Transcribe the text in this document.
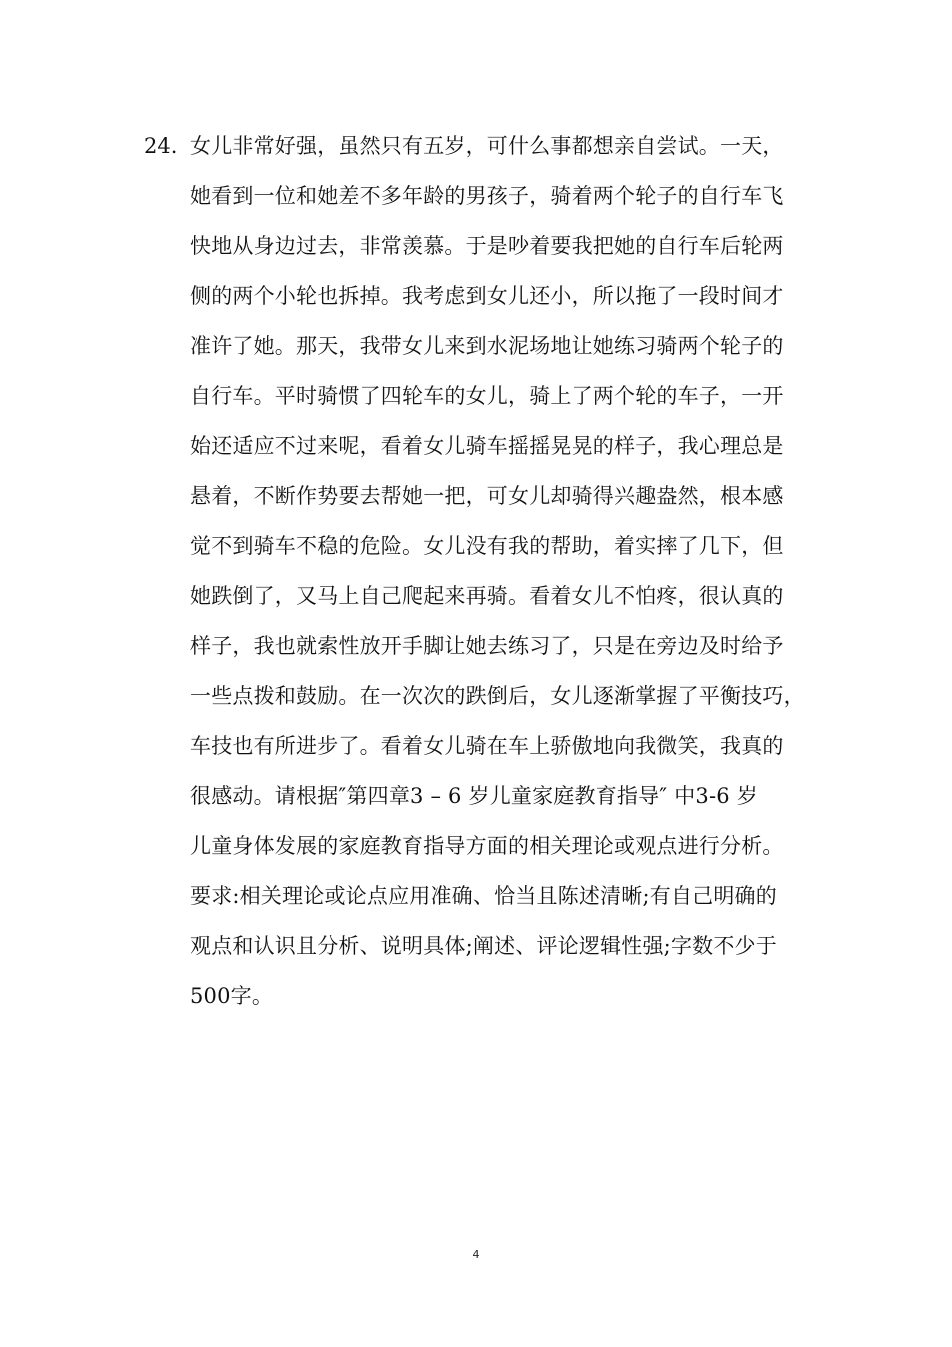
24. 女儿非常好强，虽然只有五岁，可什么事都想亲自尝试。一天，
她看到一位和她差不多年龄的男孩子，骑着两个轮子的自行车飞
快地从身边过去，非常羡慕。于是吵着要我把她的自行车后轮两
侧的两个小轮也拆掉。我考虑到女儿还小，所以拖了一段时间才
准许了她。那天，我带女儿来到水泥场地让她练习骑两个轮子的
自行车。平时骑惯了四轮车的女儿，骑上了两个轮的车子，一开
始还适应不过来呢，看着女儿骑车摇摇晃晃的样子，我心理总是
悬着，不断作势要去帮她一把，可女儿却骑得兴趣盎然，根本感
觉不到骑车不稳的危险。女儿没有我的帮助，着实摔了几下，但
她跌倒了，又马上自己爬起来再骑。看着女儿不怕疼，很认真的
样子，我也就索性放开手脚让她去练习了，只是在旁边及时给予
一些点拨和鼓励。在一次次的跌倒后，女儿逐渐掌握了平衡技巧，
车技也有所进步了。看着女儿骑在车上骄傲地向我微笑，我真的
很感动。请根据″第四章3 – 6 岁儿童家庭教育指导″ 中3-6 岁
儿童身体发展的家庭教育指导方面的相关理论或观点进行分析。
要求:相关理论或论点应用准确、恰当且陈述清晰;有自己明确的
观点和认识且分析、说明具体;阐述、评论逻辑性强;字数不少于
500字。
4
